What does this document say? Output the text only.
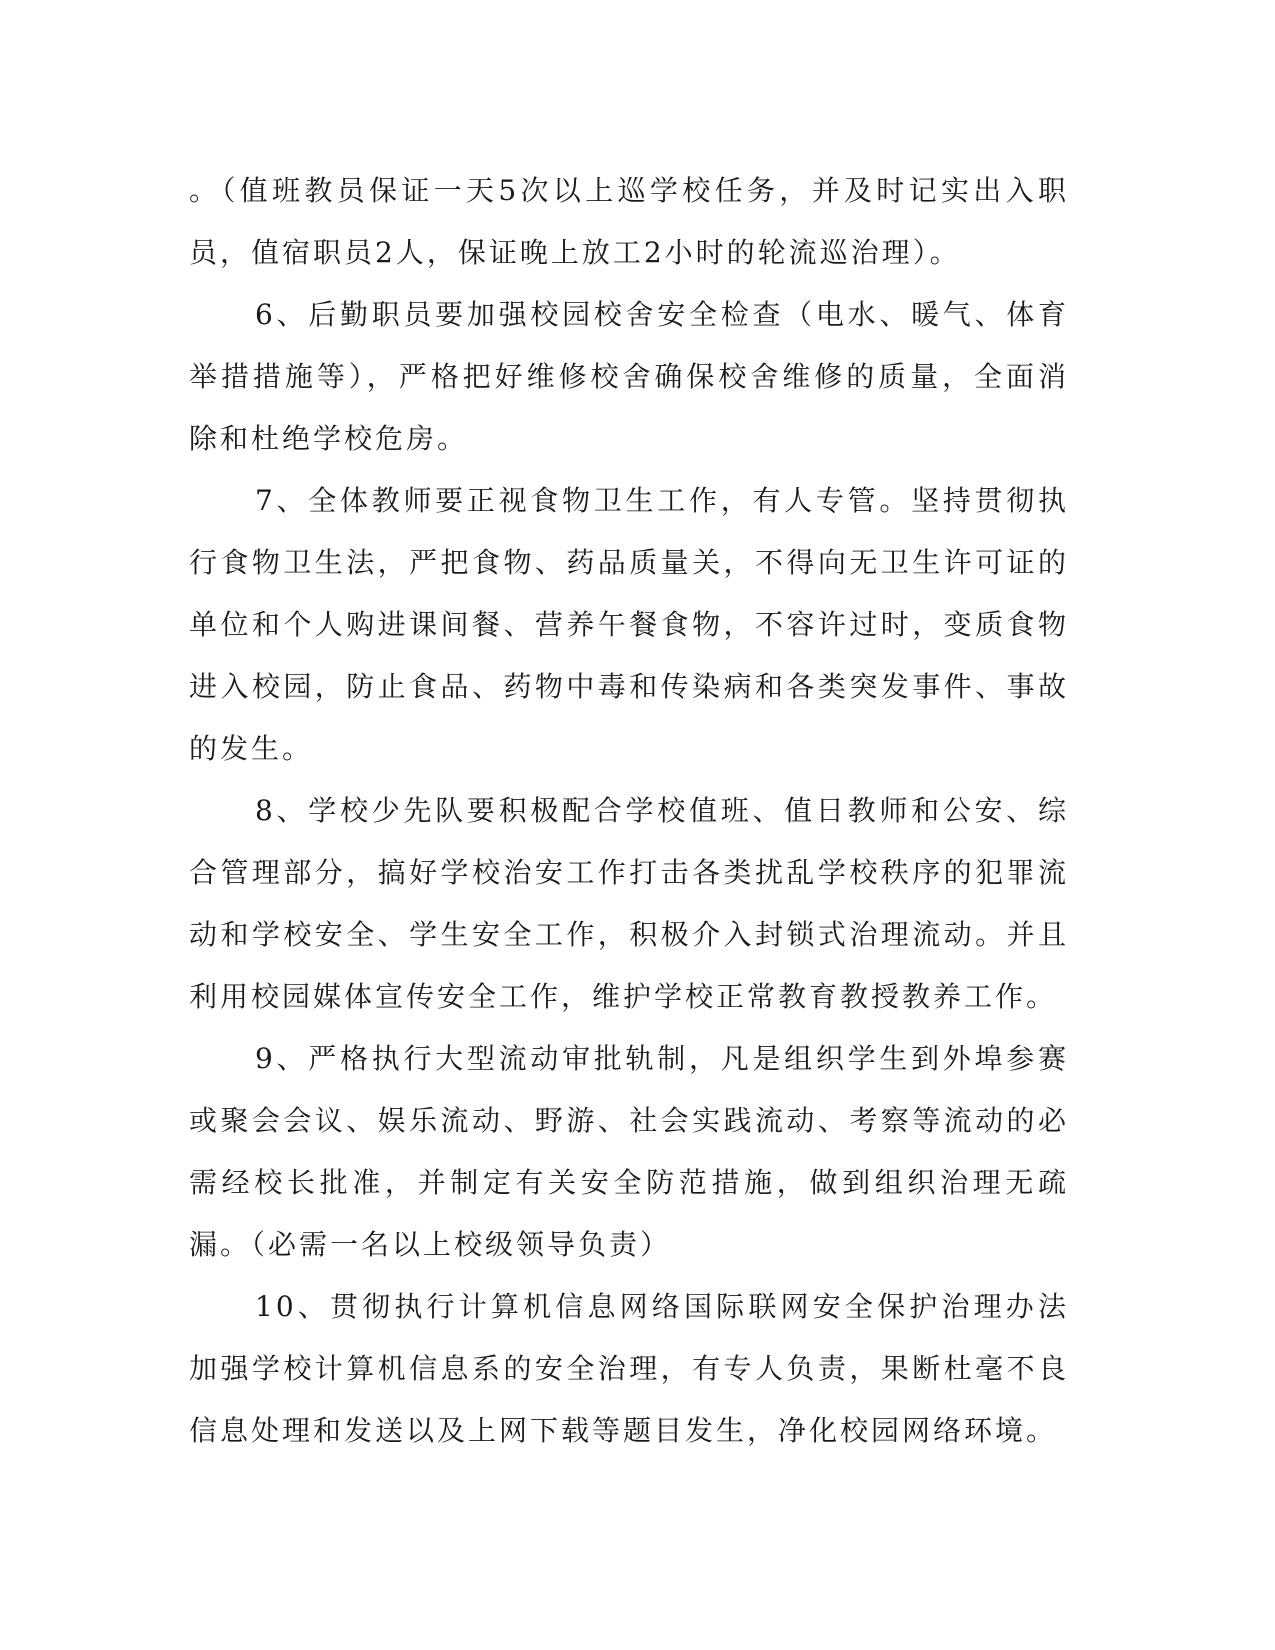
。（值班教员保证一天5次以上巡学校任务，并及时记实出入职员，值宿职员2人，保证晚上放工2小时的轮流巡治理）。

6、后勤职员要加强校园校舍安全检查（电水、暖气、体育举措措施等），严格把好维修校舍确保校舍维修的质量，全面消除和杜绝学校危房。

7、全体教师要正视食物卫生工作，有人专管。坚持贯彻执行食物卫生法，严把食物、药品质量关，不得向无卫生许可证的单位和个人购进课间餐、营养午餐食物，不容许过时，变质食物进入校园，防止食品、药物中毒和传染病和各类突发事件、事故的发生。

8、学校少先队要积极配合学校值班、值日教师和公安、综合管理部分，搞好学校治安工作打击各类扰乱学校秩序的犯罪流动和学校安全、学生安全工作，积极介入封锁式治理流动。并且利用校园媒体宣传安全工作，维护学校正常教育教授教养工作。

9、严格执行大型流动审批轨制，凡是组织学生到外埠参赛或聚会会议、娱乐流动、野游、社会实践流动、考察等流动的必需经校长批准，并制定有关安全防范措施，做到组织治理无疏漏。（必需一名以上校级领导负责）

10、贯彻执行计算机信息网络国际联网安全保护治理办法加强学校计算机信息系的安全治理，有专人负责，果断杜毫不良信息处理和发送以及上网下载等题目发生，净化校园网络环境。
